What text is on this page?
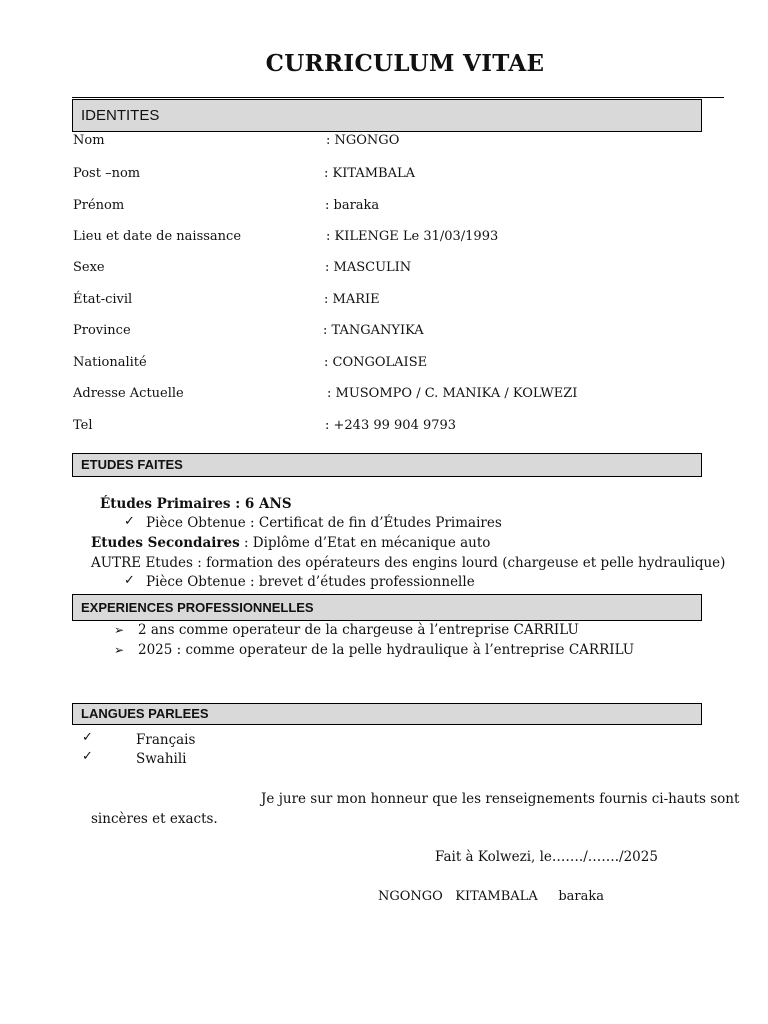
CURRICULUM VITAE
IDENTITES
Nom	: NGONGO
Post –nom	: KITAMBALA
Prénom	: baraka
Lieu et date de naissance	: KILENGE Le 31/03/1993
Sexe	: MASCULIN
État-civil	: MARIE
Province	: TANGANYIKA
Nationalité	: CONGOLAISE
Adresse Actuelle	: MUSOMPO / C. MANIKA / KOLWEZI
Tel	: +243 99 904 9793
ETUDES FAITES
Études Primaires : 6 ANS
✓ Pièce Obtenue : Certificat de fin d’Études Primaires
Etudes Secondaires : Diplôme d’Etat en mécanique auto
AUTRE Etudes : formation des opérateurs des engins lourd (chargeuse et pelle hydraulique)
✓ Pièce Obtenue : brevet d’études professionnelle
EXPERIENCES PROFESSIONNELLES
➢ 2 ans comme operateur de la chargeuse à l’entreprise CARRILU
➢ 2025 : comme operateur de la pelle hydraulique à l’entreprise CARRILU
LANGUES PARLEES
✓	Français
✓	Swahili
Je jure sur mon honneur que les renseignements fournis ci-hauts sont
sincères et exacts.
Fait à Kolwezi, le……./……./2025
NGONGO   KITAMBALA     baraka
